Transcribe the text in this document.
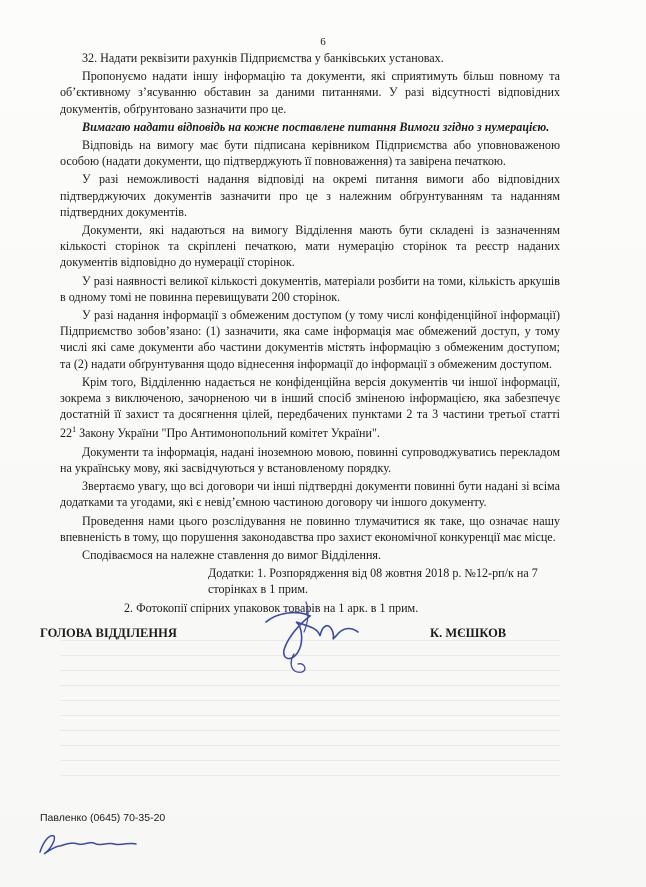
6

32. Надати реквізити рахунків Підприємства у банківських установах.

Пропонуємо надати іншу інформацію та документи, які сприятимуть більш повному та об’єктивному з’ясуванню обставин за даними питаннями. У разі відсутності відповідних документів, обґрунтовано зазначити про це.

Вимагаю надати відповідь на кожне поставлене питання Вимоги згідно з нумерацією.

Відповідь на вимогу має бути підписана керівником Підприємства або уповноваженою особою (надати документи, що підтверджують її повноваження) та завірена печаткою.

У разі неможливості надання відповіді на окремі питання вимоги або відповідних підтверджуючих документів зазначити про це з належним обґрунтуванням та наданням підтвердних документів.

Документи, які надаються на вимогу Відділення мають бути складені із зазначенням кількості сторінок та скріплені печаткою, мати нумерацію сторінок та реєстр наданих документів відповідно до нумерації сторінок.

У разі наявності великої кількості документів, матеріали розбити на томи, кількість аркушів в одному томі не повинна перевищувати 200 сторінок.

У разі надання інформації з обмеженим доступом (у тому числі конфіденційної інформації) Підприємство зобов’язано: (1) зазначити, яка саме інформація має обмежений доступ, у тому числі які саме документи або частини документів містять інформацію з обмеженим доступом; та (2) надати обґрунтування щодо віднесення інформації до інформації з обмеженим доступом.

Крім того, Відділенню надається не конфіденційна версія документів чи іншої інформації, зокрема з виключеною, зачорненою чи в інший спосіб зміненою інформацією, яка забезпечує достатній її захист та досягнення цілей, передбачених пунктами 2 та 3 частини третьої статті $22^1$ Закону України "Про Антимонопольний комітет України".

Документи та інформація, надані іноземною мовою, повинні супроводжуватись перекладом на українську мову, які засвідчуються у встановленому порядку.

Звертаємо увагу, що всі договори чи інші підтвердні документи повинні бути надані зі всіма додатками та угодами, які є невід’ємною частиною договору чи іншого документу.

Проведення нами цього розслідування не повинно тлумачитися як таке, що означає нашу впевненість в тому, що порушення законодавства про захист економічної конкуренції має місце.

Сподіваємося на належне ставлення до вимог Відділення.

Додатки: 1. Розпорядження від 08 жовтня 2018 р. №12-рп/к на 7 сторінках в 1 прим.

2. Фотокопії спірних упаковок товарів на 1 арк. в 1 прим.

ГОЛОВА ВІДДІЛЕННЯ	К. МЄШКОВ
Павленко (0645) 70-35-20
